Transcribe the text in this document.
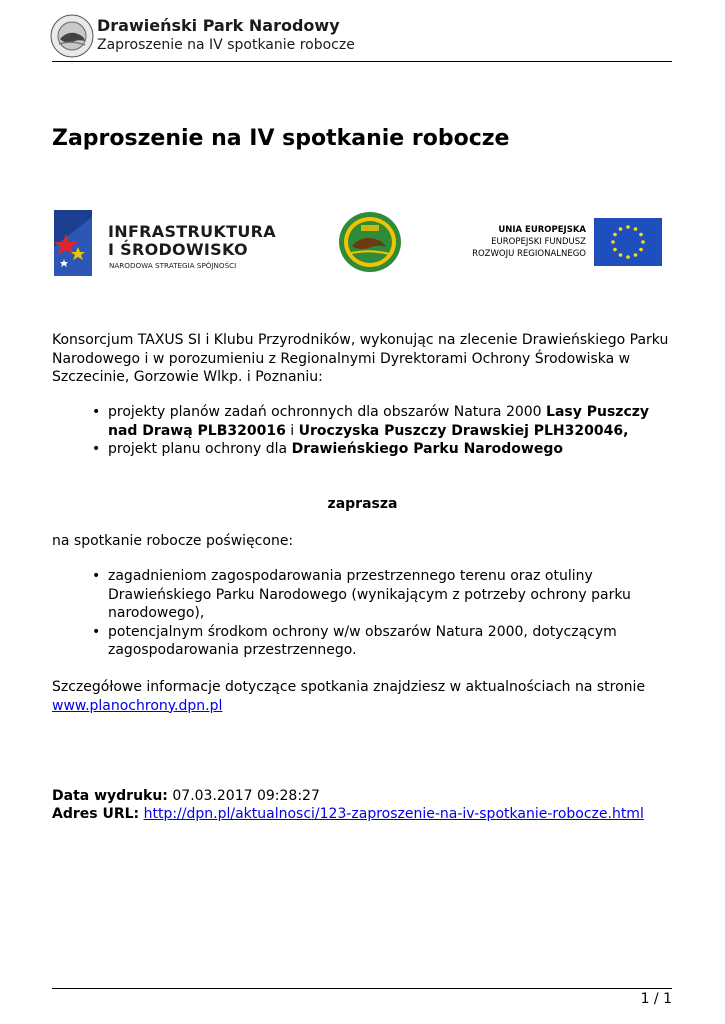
Drawieński Park Narodowy
Zaproszenie na IV spotkanie robocze
Zaproszenie na IV spotkanie robocze
INFRASTRUKTURA
I ŚRODOWISKO
NARODOWA STRATEGIA SPÓJNOŚCI
UNIA EUROPEJSKA
EUROPEJSKI FUNDUSZ
ROZWOJU REGIONALNEGO
Konsorcjum TAXUS SI i Klubu Przyrodników, wykonując na zlecenie Drawieńskiego Parku Narodowego i w porozumieniu z Regionalnymi Dyrektorami Ochrony Środowiska w Szczecinie, Gorzowie Wlkp. i Poznaniu:
• projekty planów zadań ochronnych dla obszarów Natura 2000 Lasy Puszczy nad Drawą PLB320016 i Uroczyska Puszczy Drawskiej PLH320046,
• projekt planu ochrony dla Drawieńskiego Parku Narodowego
zaprasza
na spotkanie robocze poświęcone:
• zagadnieniom zagospodarowania przestrzennego terenu oraz otuliny Drawieńskiego Parku Narodowego (wynikającym z potrzeby ochrony parku narodowego),
• potencjalnym środkom ochrony w/w obszarów Natura 2000, dotyczącym zagospodarowania przestrzennego.
Szczegółowe informacje dotyczące spotkania znajdziesz w aktualnościach na stronie
www.planochrony.dpn.pl
Data wydruku: 07.03.2017 09:28:27
Adres URL: http://dpn.pl/aktualnosci/123-zaproszenie-na-iv-spotkanie-robocze.html
1 / 1
